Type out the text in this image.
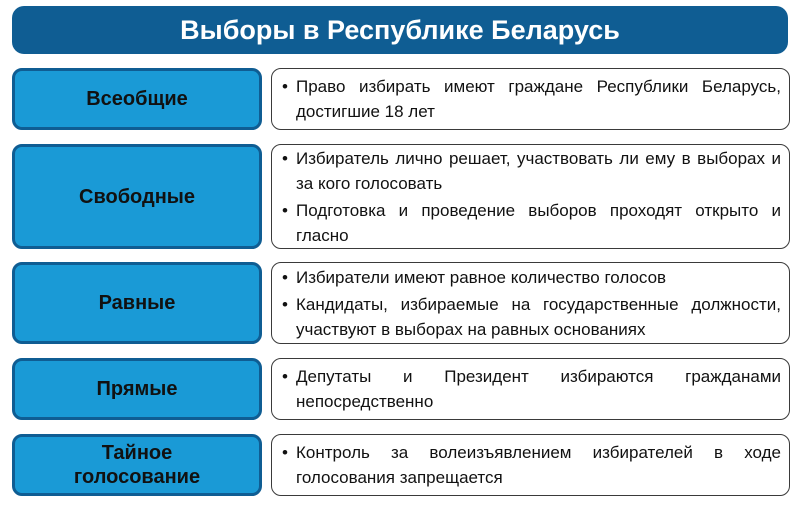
Выборы в Республике Беларусь
Всеобщие
• Право избирать имеют граждане Республики Беларусь, достигшие 18 лет
Свободные
• Избиратель лично решает, участвовать ли ему в выборах и за кого голосовать
• Подготовка и проведение выборов проходят открыто и гласно
Равные
• Избиратели имеют равное количество голосов
• Кандидаты, избираемые на государственные должности, участвуют в выборах на равных основаниях
Прямые
• Депутаты и Президент избираются гражданами непосредственно
Тайное
голосование
• Контроль за волеизъявлением избирателей в ходе голосования запрещается
